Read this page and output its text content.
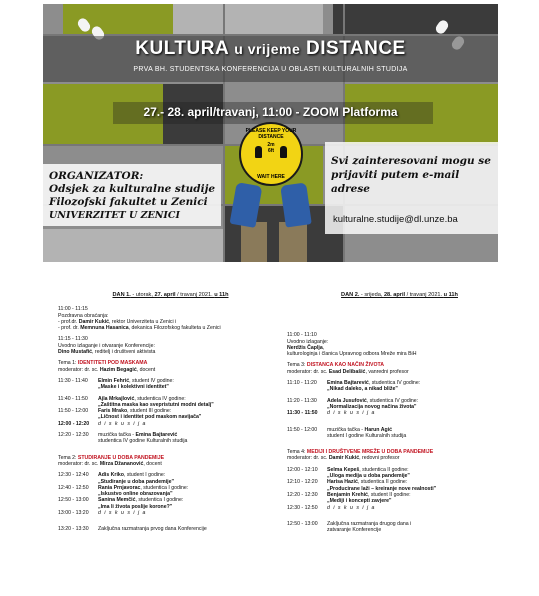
KULTURA u vrijeme DISTANCE
PRVA BH. STUDENTSKA KONFERENCIJA U OBLASTI KULTURALNIH STUDIJA
27.- 28. april/travanj, 11:00 - ZOOM Platforma
PLEASE KEEP YOUR DISTANCE
2m
6ft
WAIT HERE
ORGANIZATOR:
Odsjek za kulturalne studije
Filozofski fakultet u Zenici
UNIVERZITET U ZENICI
Svi zainteresovani mogu se
prijaviti putem e-mail adrese
kulturalne.studije@dl.unze.ba
DAN 1. - utorak, 27. april / travanj 2021. u 11h
11:00 - 11:15
Pozdravna obraćanja:
- prof.dr. Damir Kukić, rektor Univerziteta u Zenici i
- prof. dr. Memnuna Hasanica, dekanica Filozofskog fakulteta u Zenici
11:15 - 11:30
Uvodno izlaganje i otvaranje Konferencije:
Dino Mustafić, reditelj i društveni aktivista
Tema 1: IDENTITETI POD MASKAMA
moderator: dr. sc. Hazim Begagić, docent
11:30 - 11:40	Elmin Fehrić, student IV godine:
„Maske i kolektivni identitet"
11:40 - 11:50	Ajla Mrkajlović, studentica IV godine:
„Zaštitna maska kao svepristutni modni detalj"
11:50 - 12:00	Faris Mrako, student III godine:
„Ličnost i identitet pod maskom navijača"
12:00 - 12:20	d i s k u s i j a
12:20 - 12:30	muzička tačka - Emina Bajtarević
studentica IV godine Kulturalnih studija
Tema 2: STUDIRANJE U DOBA PANDEMIJE
moderator: dr. sc. Mirza Džananović, docent
12:30 - 12:40	Adis Kriko, student I godine:
„Studiranje u doba pandemije"
12:40 - 12:50	Rania Prnjavorac, studentica I godine:
„Iskustvo online obrazovanja"
12:50 - 13:00	Sanina Memčić, studentica I godine:
„Ima li života poslije korone?"
13:00 - 13:20	d i s k u s i j a
13:20 - 13:30	Zaključna razmatranja prvog dana Konferencije
DAN 2. - srijeda, 28. april / travanj 2021. u 11h
11:00 - 11:10
Uvodno izlaganje:
Nerdžis Čaplja,
kulturologinja i članica Upravnog odbora Mreže mira BiH
Tema 3: DISTANCA KAO NAČIN ŽIVOTA
moderator: dr. sc. Esad Delibašić, vanredni profesor
11:10 - 11:20	Emina Bajtarević, studentica IV godine:
„Nikad daleko, a nikad bliže"
11:20 - 11:30	Adela Jusufović, studentica IV godine:
„Normalizacija novog načina života"
11:30 - 11:50	d i s k u s i j a
11:50 - 12:00	muzička tačka - Harun Agić
student I godine Kulturalnih studija
Tema 4: MEDIJI I DRUŠTVENE MREŽE U DOBA PANDEMIJE
moderator: dr. sc. Damir Kukić, redovni profesor
12:00 - 12:10	Selma Kepeš, studentica II godine:
„Uloga medija u doba pandemije"
12:10 - 12:20	Harisa Hazić, studentica II godine:
„Producirane laži – kreiranje nove realnosti"
12:20 - 12:30	Benjamin Krehić, student II godine:
„Mediji i koncepti zavjere"
12:30 - 12:50	d i s k u s i j a
12:50 - 13:00	Zaključna razmatranja drugog dana i
zatvaranje Konferencije
